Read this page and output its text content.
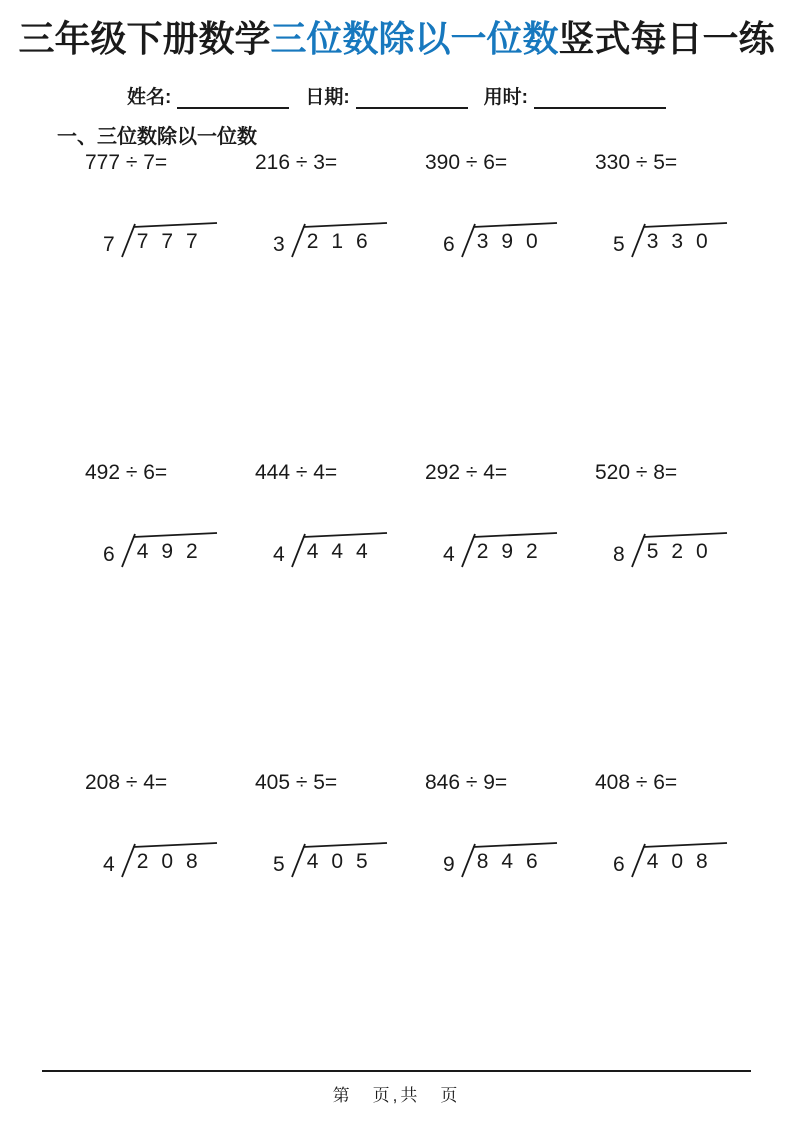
三年级下册数学三位数除以一位数竖式每日一练
姓名:	日期:	用时:
一、三位数除以一位数
777 ÷ 7=
7	777
216 ÷ 3=
3	216
390 ÷ 6=
6	390
330 ÷ 5=
5	330
492 ÷ 6=
6	492
444 ÷ 4=
4	444
292 ÷ 4=
4	292
520 ÷ 8=
8	520
208 ÷ 4=
4	208
405 ÷ 5=
5	405
846 ÷ 9=
9	846
408 ÷ 6=
6	408
第　页,共　页
